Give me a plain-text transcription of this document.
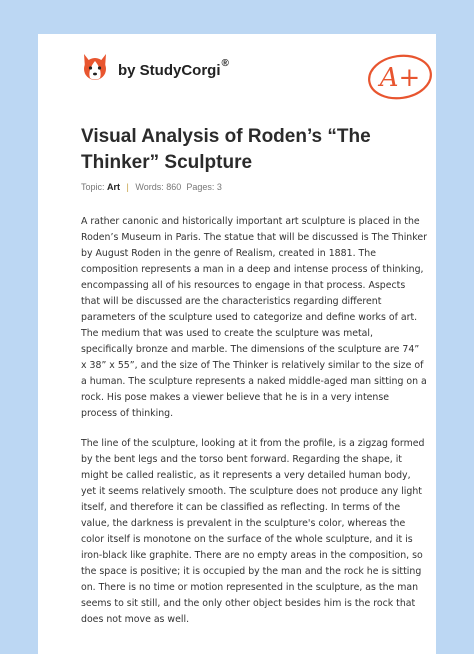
by StudyCorgi®	A+
Visual Analysis of Roden’s “The Thinker” Sculpture
Topic: Art | Words: 860 Pages: 3

A rather canonic and historically important art sculpture is placed in the Roden’s Museum in Paris. The statue that will be discussed is The Thinker by August Roden in the genre of Realism, created in 1881. The composition represents a man in a deep and intense process of thinking, encompassing all of his resources to engage in that process. Aspects that will be discussed are the characteristics regarding different parameters of the sculpture used to categorize and define works of art. The medium that was used to create the sculpture was metal, specifically bronze and marble. The dimensions of the sculpture are 74” x 38” x 55”, and the size of The Thinker is relatively similar to the size of a human. The sculpture represents a naked middle-aged man sitting on a rock. His pose makes a viewer believe that he is in a very intense process of thinking.

The line of the sculpture, looking at it from the profile, is a zigzag formed by the bent legs and the torso bent forward. Regarding the shape, it might be called realistic, as it represents a very detailed human body, yet it seems relatively smooth. The sculpture does not produce any light itself, and therefore it can be classified as reflecting. In terms of the value, the darkness is prevalent in the sculpture's color, whereas the color itself is monotone on the surface of the whole sculpture, and it is iron-black like graphite. There are no empty areas in the composition, so the space is positive; it is occupied by the man and the rock he is sitting on. There is no time or motion represented in the sculpture, as the man seems to sit still, and the only other object besides him is the rock that does not move as well.
